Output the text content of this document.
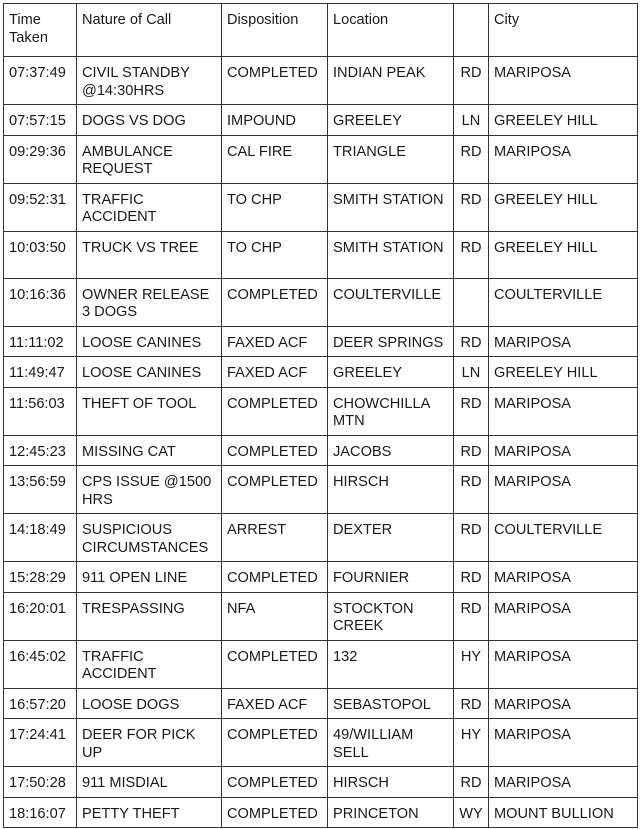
Time Taken	Nature of Call	Disposition	Location		City
07:37:49	CIVIL STANDBY @14:30HRS	COMPLETED	INDIAN PEAK	RD	MARIPOSA
07:57:15	DOGS VS DOG	IMPOUND	GREELEY	LN	GREELEY HILL
09:29:36	AMBULANCE REQUEST	CAL FIRE	TRIANGLE	RD	MARIPOSA
09:52:31	TRAFFIC ACCIDENT	TO CHP	SMITH STATION	RD	GREELEY HILL
10:03:50	TRUCK VS TREE	TO CHP	SMITH STATION	RD	GREELEY HILL
10:16:36	OWNER RELEASE 3 DOGS	COMPLETED	COULTERVILLE		COULTERVILLE
11:11:02	LOOSE CANINES	FAXED ACF	DEER SPRINGS	RD	MARIPOSA
11:49:47	LOOSE CANINES	FAXED ACF	GREELEY	LN	GREELEY HILL
11:56:03	THEFT OF TOOL	COMPLETED	CHOWCHILLA MTN	RD	MARIPOSA
12:45:23	MISSING CAT	COMPLETED	JACOBS	RD	MARIPOSA
13:56:59	CPS ISSUE @1500 HRS	COMPLETED	HIRSCH	RD	MARIPOSA
14:18:49	SUSPICIOUS CIRCUMSTANCES	ARREST	DEXTER	RD	COULTERVILLE
15:28:29	911 OPEN LINE	COMPLETED	FOURNIER	RD	MARIPOSA
16:20:01	TRESPASSING	NFA	STOCKTON CREEK	RD	MARIPOSA
16:45:02	TRAFFIC ACCIDENT	COMPLETED	132	HY	MARIPOSA
16:57:20	LOOSE DOGS	FAXED ACF	SEBASTOPOL	RD	MARIPOSA
17:24:41	DEER FOR PICK UP	COMPLETED	49/WILLIAM SELL	HY	MARIPOSA
17:50:28	911 MISDIAL	COMPLETED	HIRSCH	RD	MARIPOSA
18:16:07	PETTY THEFT	COMPLETED	PRINCETON	WY	MOUNT BULLION
